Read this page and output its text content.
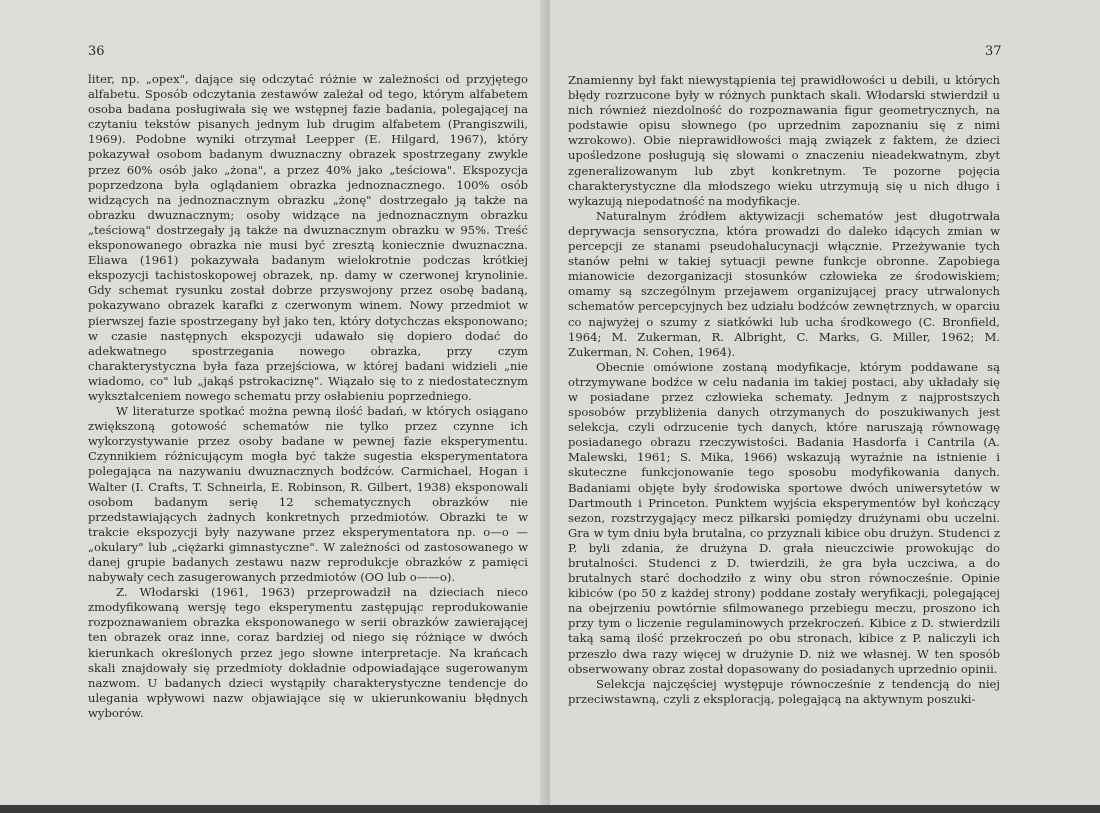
36

liter, np. „opex", dające się odczytać różnie w zależności od przyjętego alfabetu. Sposób odczytania zestawów zależał od tego, którym alfabetem osoba badana posługiwała się we wstępnej fazie badania, polegającej na czytaniu tekstów pisanych jednym lub drugim alfabetem (Prangiszwili, 1969). Podobne wyniki otrzymał Leepper (E. Hilgard, 1967), który pokazywał osobom badanym dwuznaczny obrazek spostrzegany zwykle przez 60% osób jako „żona", a przez 40% jako „teściowa". Ekspozycja poprzedzona była oglądaniem obrazka jednoznacznego. 100% osób widzących na jednoznacznym obrazku „żonę" dostrzegało ją także na obrazku dwuznacznym; osoby widzące na jednoznacznym obrazku „teściową" dostrzegały ją także na dwuznacznym obrazku w 95%. Treść eksponowanego obrazka nie musi być zresztą koniecznie dwuznaczna. Eliawa (1961) pokazywała badanym wielokrotnie podczas krótkiej ekspozycji tachistoskopowej obrazek, np. damy w czerwonej krynolinie. Gdy schemat rysunku został dobrze przyswojony przez osobę badaną, pokazywano obrazek karafki z czerwonym winem. Nowy przedmiot w pierwszej fazie spostrzegany był jako ten, który dotychczas eksponowano; w czasie następnych ekspozycji udawało się dopiero dodać do adekwatnego spostrzegania nowego obrazka, przy czym charakterystyczna była faza przejściowa, w której badani widzieli „nie wiadomo, co" lub „jakąś pstrokaciznę". Wiązało się to z niedostatecznym wykształceniem nowego schematu przy osłabieniu poprzedniego.

W literaturze spotkać można pewną ilość badań, w których osiągano zwiększoną gotowość schematów nie tylko przez czynne ich wykorzystywanie przez osoby badane w pewnej fazie eksperymentu. Czynnikiem różnicującym mogła być także sugestia eksperymentatora polegająca na nazywaniu dwuznacznych bodźców. Carmichael, Hogan i Walter (I. Crafts, T. Schneirla, E. Robinson, R. Gilbert, 1938) eksponowali osobom badanym serię 12 schematycznych obrazków nie przedstawiających żadnych konkretnych przedmiotów. Obrazki te w trakcie ekspozycji były nazywane przez eksperymentatora np. o—o — „okulary" lub „ciężarki gimnastyczne". W zależności od zastosowanego w danej grupie badanych zestawu nazw reprodukcje obrazków z pamięci nabywały cech zasugerowanych przedmiotów (OO lub o——o).

Z. Włodarski (1961, 1963) przeprowadził na dzieciach nieco zmodyfikowaną wersję tego eksperymentu zastępując reprodukowanie rozpoznawaniem obrazka eksponowanego w serii obrazków zawierającej ten obrazek oraz inne, coraz bardziej od niego się różniące w dwóch kierunkach określonych przez jego słowne interpretacje. Na krańcach skali znajdowały się przedmioty dokładnie odpowiadające sugerowanym nazwom. U badanych dzieci wystąpiły charakterystyczne tendencje do ulegania wpływowi nazw objawiające się w ukierunkowaniu błędnych wyborów.

37

Znamienny był fakt niewystąpienia tej prawidłowości u debili, u których błędy rozrzucone były w różnych punktach skali. Włodarski stwierdził u nich również niezdolność do rozpoznawania figur geometrycznych, na podstawie opisu słownego (po uprzednim zapoznaniu się z nimi wzrokowo). Obie nieprawidłowości mają związek z faktem, że dzieci upośledzone posługują się słowami o znaczeniu nieadekwatnym, zbyt zgeneralizowanym lub zbyt konkretnym. Te pozorne pojęcia charakterystyczne dla młodszego wieku utrzymują się u nich długo i wykazują niepodatność na modyfikacje.

Naturalnym źródłem aktywizacji schematów jest długotrwała deprywacja sensoryczna, która prowadzi do daleko idących zmian w percepcji ze stanami pseudohalucynacji włącznie. Przeżywanie tych stanów pełni w takiej sytuacji pewne funkcje obronne. Zapobiega mianowicie dezorganizacji stosunków człowieka ze środowiskiem; omamy są szczególnym przejawem organizującej pracy utrwalonych schematów percepcyjnych bez udziału bodźców zewnętrznych, w oparciu co najwyżej o szumy z siatkówki lub ucha środkowego (C. Bronfield, 1964; M. Zukerman, R. Albright, C. Marks, G. Miller, 1962; M. Zukerman, N. Cohen, 1964).

Obecnie omówione zostaną modyfikacje, którym poddawane są otrzymywane bodźce w celu nadania im takiej postaci, aby układały się w posiadane przez człowieka schematy. Jednym z najprostszych sposobów przybliżenia danych otrzymanych do poszukiwanych jest selekcja, czyli odrzucenie tych danych, które naruszają równowagę posiadanego obrazu rzeczywistości. Badania Hasdorfa i Cantrila (A. Malewski, 1961; S. Mika, 1966) wskazują wyraźnie na istnienie i skuteczne funkcjonowanie tego sposobu modyfikowania danych. Badaniami objęte były środowiska sportowe dwóch uniwersytetów w Dartmouth i Princeton. Punktem wyjścia eksperymentów był kończący sezon, rozstrzygający mecz piłkarski pomiędzy drużynami obu uczelni. Gra w tym dniu była brutalna, co przyznali kibice obu drużyn. Studenci z P. byli zdania, że drużyna D. grała nieuczciwie prowokując do brutalności. Studenci z D. twierdzili, że gra była uczciwa, a do brutalnych starć dochodziło z winy obu stron równocześnie. Opinie kibiców (po 50 z każdej strony) poddane zostały weryfikacji, polegającej na obejrzeniu powtórnie sfilmowanego przebiegu meczu, proszono ich przy tym o liczenie regulaminowych przekroczeń. Kibice z D. stwierdzili taką samą ilość przekroczeń po obu stronach, kibice z P. naliczyli ich przeszło dwa razy więcej w drużynie D. niż we własnej. W ten sposób obserwowany obraz został dopasowany do posiadanych uprzednio opinii.

Selekcja najczęściej występuje równocześnie z tendencją do niej przeciwstawną, czyli z eksploracją, polegającą na aktywnym poszuki-
